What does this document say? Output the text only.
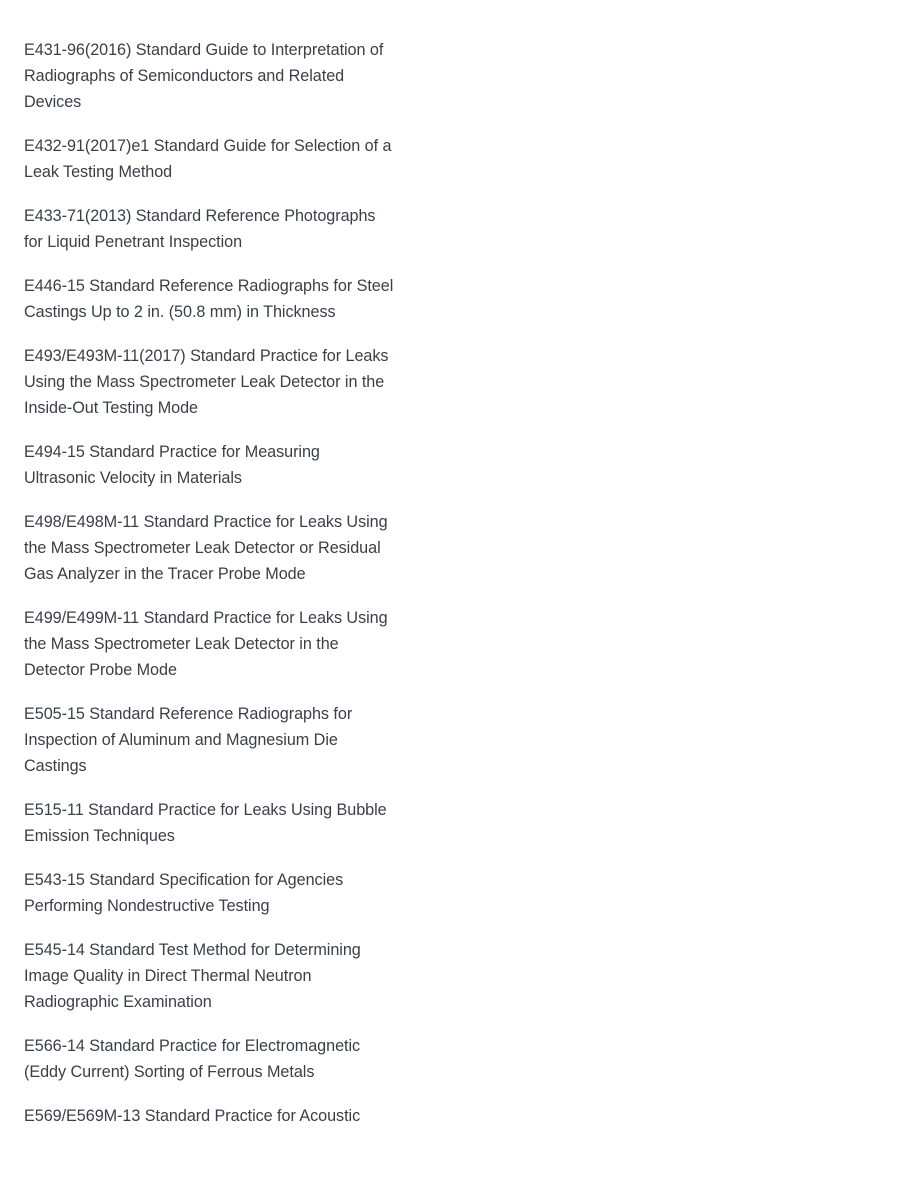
E431-96(2016) Standard Guide to Interpretation of Radiographs of Semiconductors and Related Devices

E432-91(2017)e1 Standard Guide for Selection of a Leak Testing Method

E433-71(2013) Standard Reference Photographs for Liquid Penetrant Inspection

E446-15 Standard Reference Radiographs for Steel Castings Up to 2 in. (50.8 mm) in Thickness

E493/E493M-11(2017) Standard Practice for Leaks Using the Mass Spectrometer Leak Detector in the Inside-Out Testing Mode

E494-15 Standard Practice for Measuring Ultrasonic Velocity in Materials

E498/E498M-11 Standard Practice for Leaks Using the Mass Spectrometer Leak Detector or Residual Gas Analyzer in the Tracer Probe Mode

E499/E499M-11 Standard Practice for Leaks Using the Mass Spectrometer Leak Detector in the Detector Probe Mode

E505-15 Standard Reference Radiographs for Inspection of Aluminum and Magnesium Die Castings

E515-11 Standard Practice for Leaks Using Bubble Emission Techniques

E543-15 Standard Specification for Agencies Performing Nondestructive Testing

E545-14 Standard Test Method for Determining Image Quality in Direct Thermal Neutron Radiographic Examination

E566-14 Standard Practice for Electromagnetic (Eddy Current) Sorting of Ferrous Metals

E569/E569M-13 Standard Practice for Acoustic
